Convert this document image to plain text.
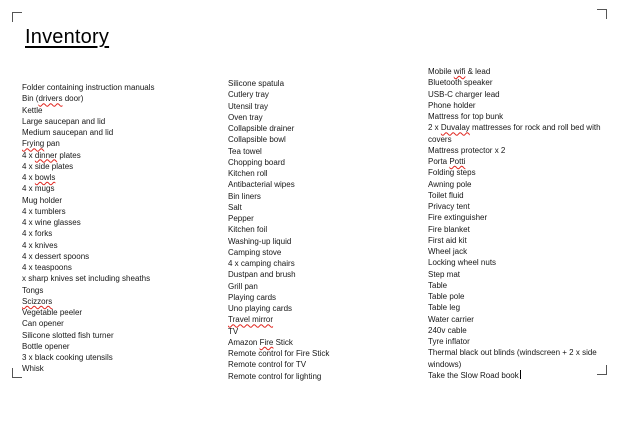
Inventory
Folder containing instruction manuals
Bin (drivers door)
Kettle
Large saucepan and lid
Medium saucepan and lid
Frying pan
4 x dinner plates
4 x side plates
4 x bowls
4 x mugs
Mug holder
4 x tumblers
4 x wine glasses
4 x forks
4 x knives
4 x dessert spoons
4 x teaspoons
x sharp knives set including sheaths
Tongs
Scizzors
Vegetable peeler
Can opener
Silicone slotted fish turner
Bottle opener
3 x black cooking utensils
Whisk
Silicone spatula
Cutlery tray
Utensil tray
Oven tray
Collapsible drainer
Collapsible bowl
Tea towel
Chopping board
Kitchen roll
Antibacterial wipes
Bin liners
Salt
Pepper
Kitchen foil
Washing-up liquid
Camping stove
4 x camping chairs
Dustpan and brush
Grill pan
Playing cards
Uno playing cards
Travel mirror
TV
Amazon Fire Stick
Remote control for Fire Stick
Remote control for TV
Remote control for lighting
Mobile wifi & lead
Bluetooth speaker
USB-C charger lead
Phone holder
Mattress for top bunk
2 x Duvalay mattresses for rock and roll bed with covers
Mattress protector x 2
Porta Potti
Folding steps
Awning pole
Toilet fluid
Privacy tent
Fire extinguisher
Fire blanket
First aid kit
Wheel jack
Locking wheel nuts
Step mat
Table
Table pole
Table leg
Water carrier
240v cable
Tyre inflator
Thermal black out blinds (windscreen + 2 x side windows)
Take the Slow Road book
